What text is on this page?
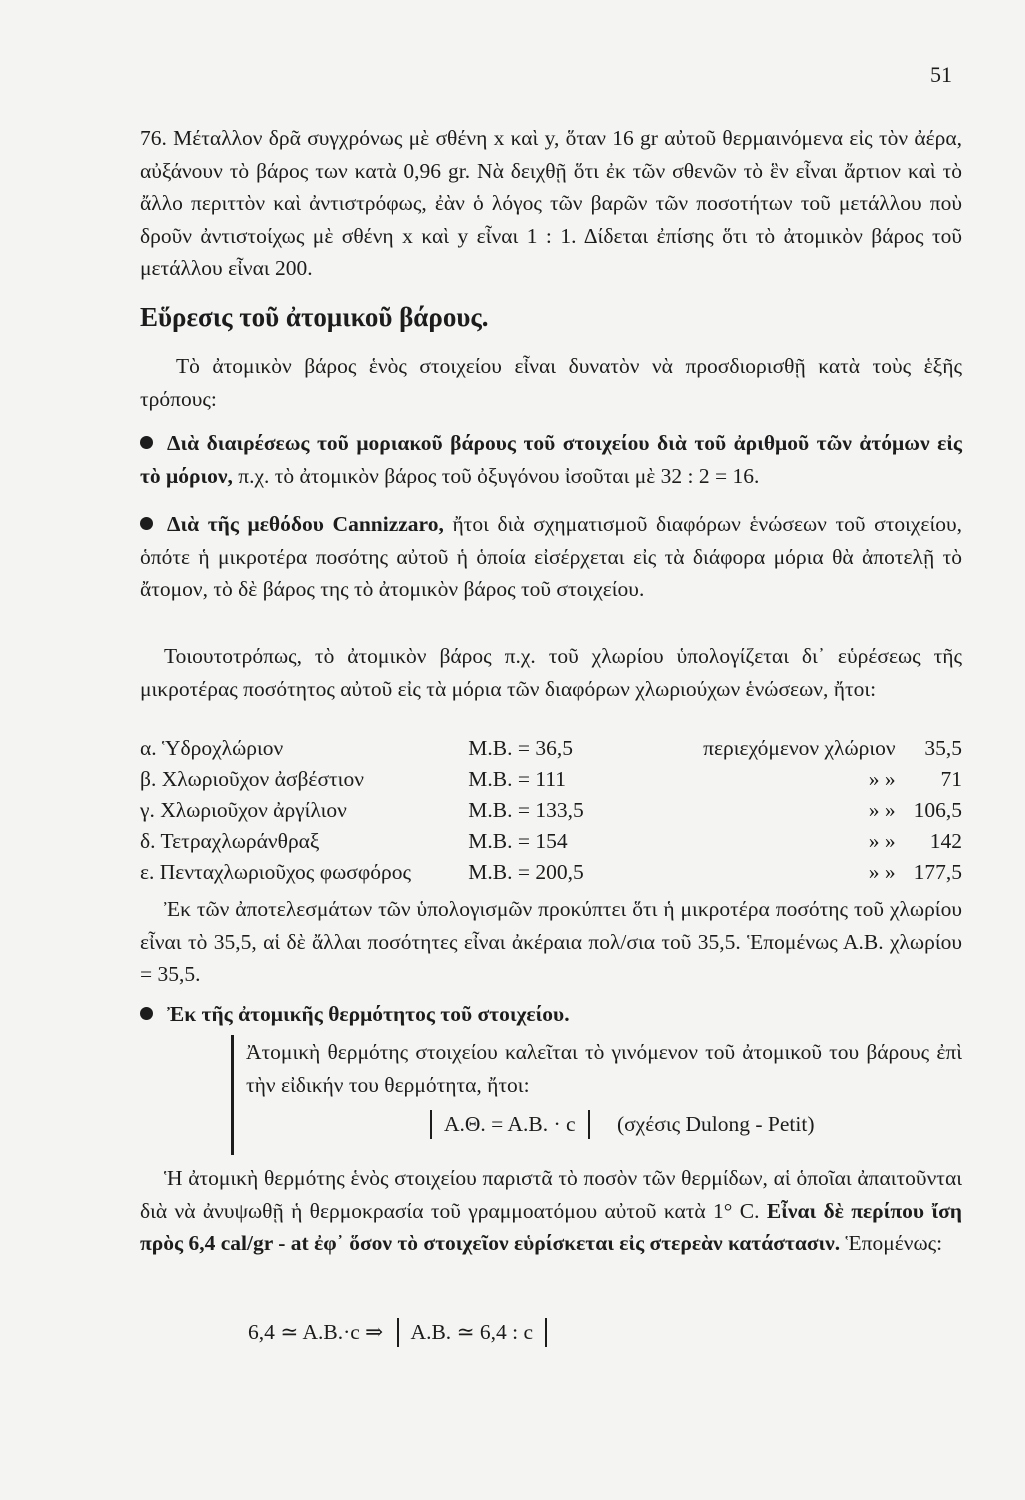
51
76. Μέταλλον δρᾶ συγχρόνως μὲ σθένη x καὶ y, ὅταν 16 gr αὐτοῦ θερμαινόμενα εἰς τὸν ἀέρα, αὐξάνουν τὸ βάρος των κατὰ 0,96 gr. Νὰ δειχθῇ ὅτι ἐκ τῶν σθενῶν τὸ ἓν εἶναι ἄρτιον καὶ τὸ ἄλλο περιττὸν καὶ ἀντιστρόφως, ἐὰν ὁ λόγος τῶν βαρῶν τῶν ποσοτήτων τοῦ μετάλλου ποὺ δροῦν ἀντιστοίχως μὲ σθένη x καὶ y εἶναι 1 : 1. Δίδεται ἐπίσης ὅτι τὸ ἀτομικὸν βάρος τοῦ μετάλλου εἶναι 200.
Εὕρεσις τοῦ ἀτομικοῦ βάρους.
Τὸ ἀτομικὸν βάρος ἑνὸς στοιχείου εἶναι δυνατὸν νὰ προσδιορισθῇ κατὰ τοὺς ἑξῆς τρόπους:
Διὰ διαιρέσεως τοῦ μοριακοῦ βάρους τοῦ στοιχείου διὰ τοῦ ἀριθμοῦ τῶν ἀτόμων εἰς τὸ μόριον, π.χ. τὸ ἀτομικὸν βάρος τοῦ ὀξυγόνου ἰσοῦται μὲ 32 : 2 = 16.
Διὰ τῆς μεθόδου Cannizzaro, ἤτοι διὰ σχηματισμοῦ διαφόρων ἑνώσεων τοῦ στοιχείου, ὁπότε ἡ μικροτέρα ποσότης αὐτοῦ ἡ ὁποία εἰσέρχεται εἰς τὰ διάφορα μόρια θὰ ἀποτελῇ τὸ ἄτομον, τὸ δὲ βάρος της τὸ ἀτομικὸν βάρος τοῦ στοιχείου.
Τοιουτοτρόπως, τὸ ἀτομικὸν βάρος π.χ. τοῦ χλωρίου ὑπολογίζεται δι᾽ εὑρέσεως τῆς μικροτέρας ποσότητος αὐτοῦ εἰς τὰ μόρια τῶν διαφόρων χλωριούχων ἑνώσεων, ἤτοι:
α. Ὑδροχλώριον	Μ.Β. = 36,5	περιεχόμενον χλώριον	35,5
β. Χλωριοῦχον ἀσβέστιον	Μ.Β. = 111	» »	71
γ. Χλωριοῦχον ἀργίλιον	Μ.Β. = 133,5	» »	106,5
δ. Τετραχλωράνθραξ	Μ.Β. = 154	» »	142
ε. Πενταχλωριοῦχος φωσφόρος	Μ.Β. = 200,5	» »	177,5
Ἐκ τῶν ἀποτελεσμάτων τῶν ὑπολογισμῶν προκύπτει ὅτι ἡ μικροτέρα ποσότης τοῦ χλωρίου εἶναι τὸ 35,5, αἱ δὲ ἄλλαι ποσότητες εἶναι ἀκέραια πολ/σια τοῦ 35,5. Ἑπομένως Α.Β. χλωρίου = 35,5.
Ἐκ τῆς ἀτομικῆς θερμότητος τοῦ στοιχείου.
Ἀτομικὴ θερμότης στοιχείου καλεῖται τὸ γινόμενον τοῦ ἀτομικοῦ του βάρους ἐπὶ τὴν εἰδικήν του θερμότητα, ἤτοι:
Α.Θ. = Α.Β. · c (σχέσις Dulong - Petit)
Ἡ ἀτομικὴ θερμότης ἑνὸς στοιχείου παριστᾶ τὸ ποσὸν τῶν θερμίδων, αἱ ὁποῖαι ἀπαιτοῦνται διὰ νὰ ἀνυψωθῇ ἡ θερμοκρασία τοῦ γραμμοατόμου αὐτοῦ κατὰ 1° C. Εἶναι δὲ περίπου ἴση πρὸς 6,4 cal/gr - at ἐφ᾽ ὅσον τὸ στοιχεῖον εὑρίσκεται εἰς στερεὰν κατάστασιν. Ἑπομένως:
6,4 ≃ Α.Β.·c ⇒ Α.Β. ≃ 6,4 : c
